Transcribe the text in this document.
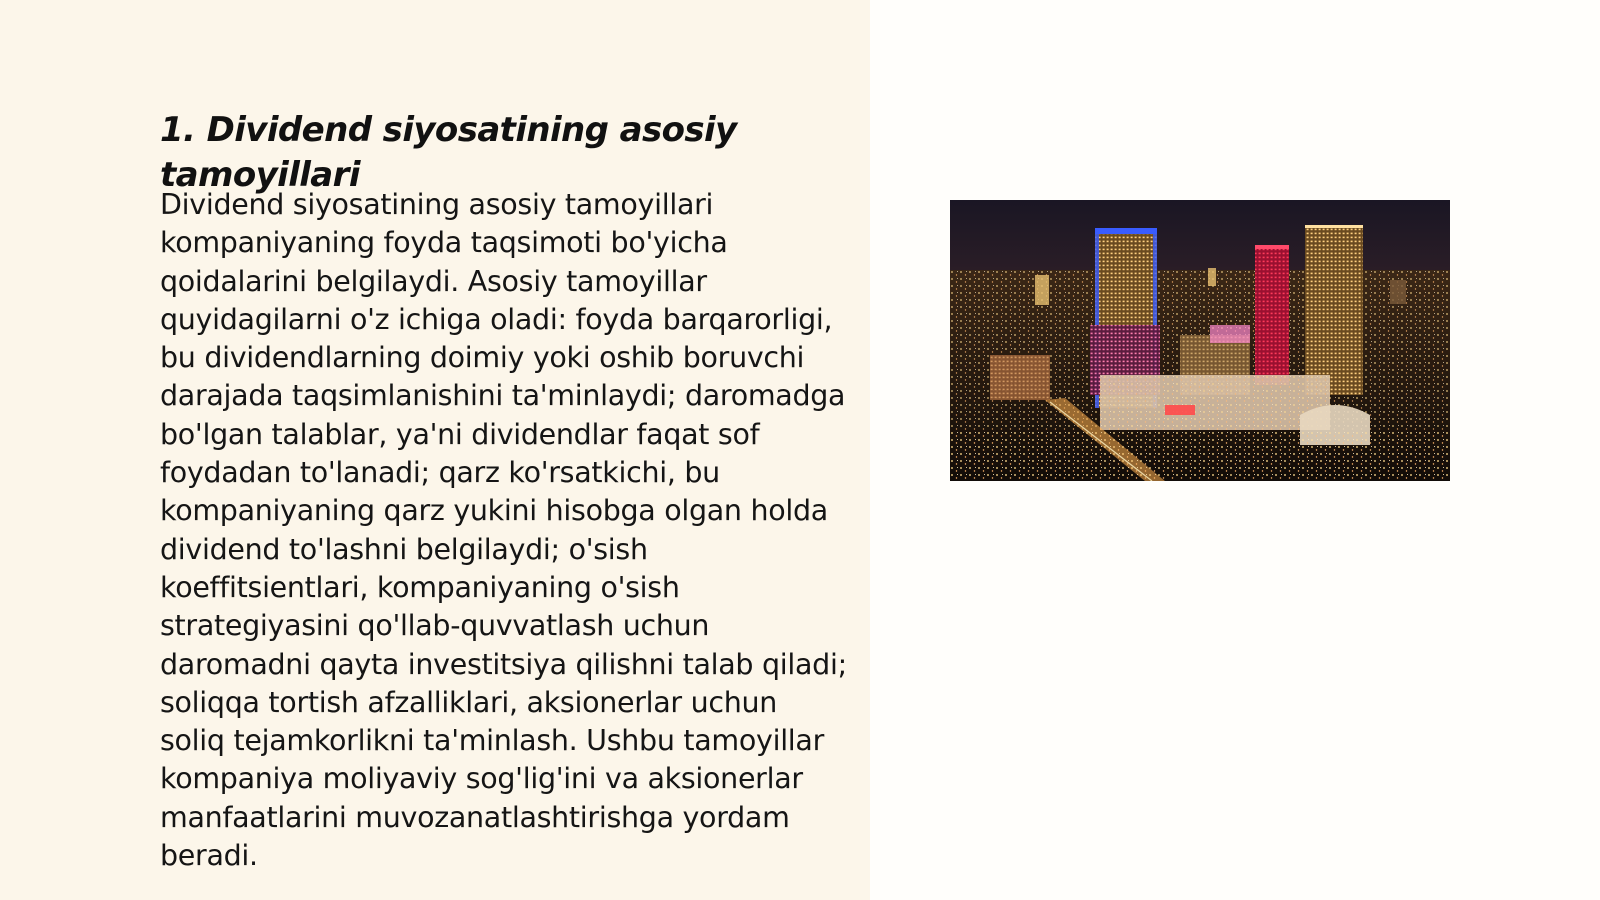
1. Dividend siyosatining asosiy tamoyillari

Dividend siyosatining asosiy tamoyillari kompaniyaning foyda taqsimoti bo'yicha qoidalarini belgilaydi. Asosiy tamoyillar quyidagilarni o'z ichiga oladi: foyda barqarorligi, bu dividendlarning doimiy yoki oshib boruvchi darajada taqsimlanishini ta'minlaydi; daromadga bo'lgan talablar, ya'ni dividendlar faqat sof foydadan to'lanadi; qarz ko'rsatkichi, bu kompaniyaning qarz yukini hisobga olgan holda dividend to'lashni belgilaydi; o'sish koeffitsientlari, kompaniyaning o'sish strategiyasini qo'llab-quvvatlash uchun daromadni qayta investitsiya qilishni talab qiladi; soliqqa tortish afzalliklari, aksionerlar uchun soliq tejamkorlikni ta'minlash. Ushbu tamoyillar kompaniya moliyaviy sog'lig'ini va aksionerlar manfaatlarini muvozanatlashtirishga yordam beradi.
